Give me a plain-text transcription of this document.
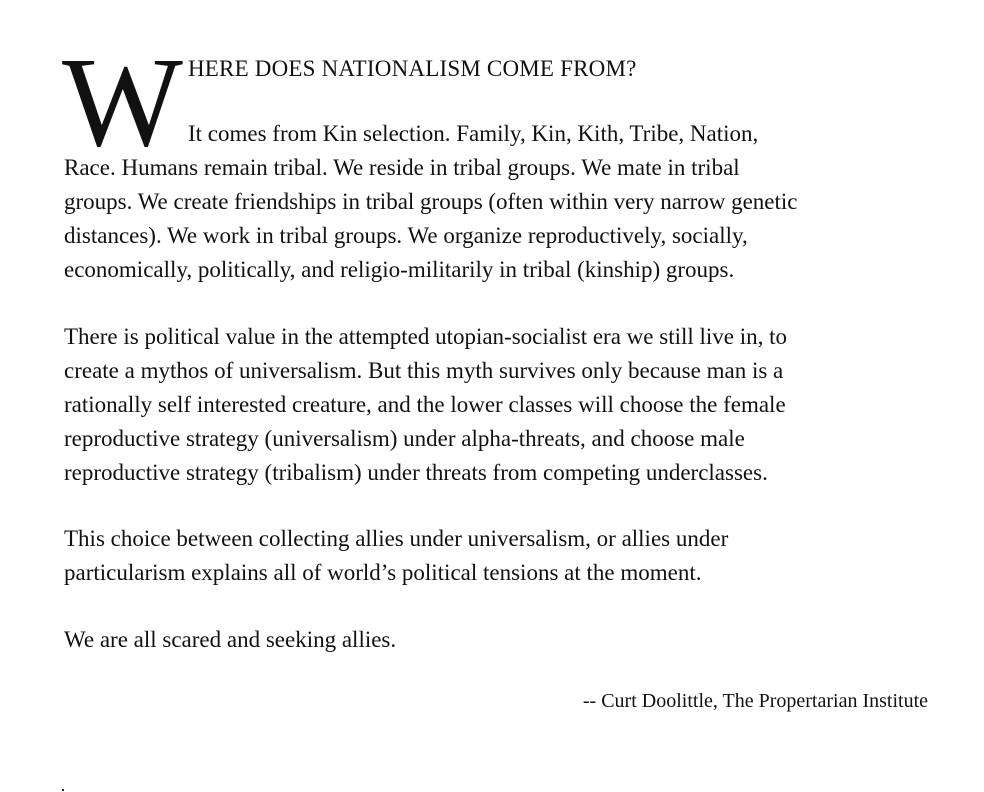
W HERE DOES NATIONALISM COME FROM?
It comes from Kin selection. Family, Kin, Kith, Tribe, Nation,
Race. Humans remain tribal. We reside in tribal groups. We mate in tribal
groups. We create friendships in tribal groups (often within very narrow genetic
distances). We work in tribal groups. We organize reproductively, socially,
economically, politically, and religio-militarily in tribal (kinship) groups.
There is political value in the attempted utopian-socialist era we still live in, to
create a mythos of universalism. But this myth survives only because man is a
rationally self interested creature, and the lower classes will choose the female
reproductive strategy (universalism) under alpha-threats, and choose male
reproductive strategy (tribalism) under threats from competing underclasses.
This choice between collecting allies under universalism, or allies under
particularism explains all of world’s political tensions at the moment.
We are all scared and seeking allies.
-- Curt Doolittle, The Propertarian Institute
